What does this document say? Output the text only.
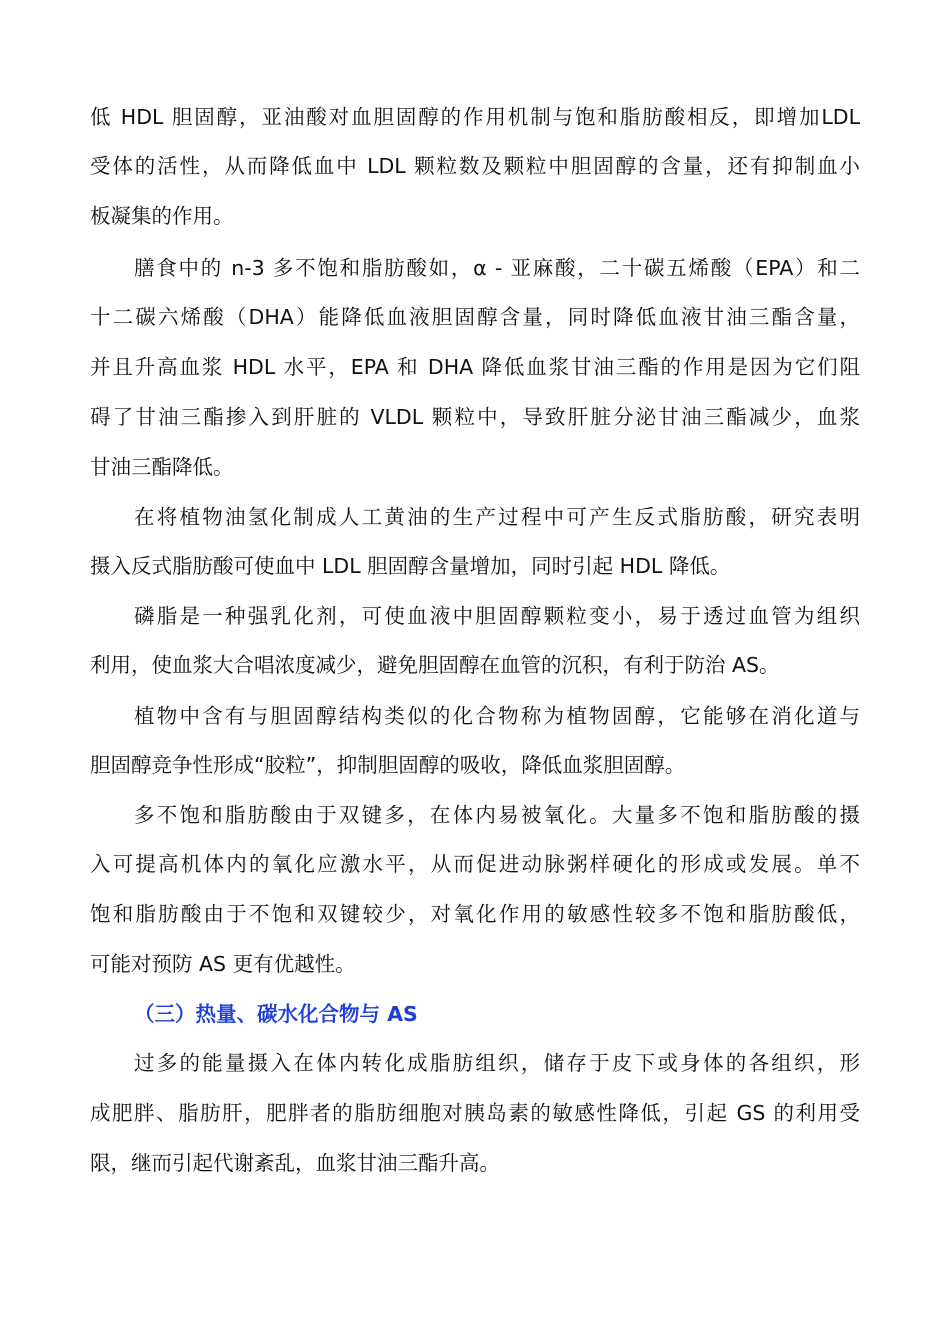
低 HDL 胆固醇，亚油酸对血胆固醇的作用机制与饱和脂肪酸相反，即增加LDL
受体的活性，从而降低血中 LDL 颗粒数及颗粒中胆固醇的含量，还有抑制血小
板凝集的作用。
膳食中的 n-3 多不饱和脂肪酸如，α - 亚麻酸，二十碳五烯酸（EPA）和二
十二碳六烯酸（DHA）能降低血液胆固醇含量，同时降低血液甘油三酯含量，
并且升高血浆 HDL 水平，EPA 和 DHA 降低血浆甘油三酯的作用是因为它们阻
碍了甘油三酯掺入到肝脏的 VLDL 颗粒中，导致肝脏分泌甘油三酯减少，血浆
甘油三酯降低。
在将植物油氢化制成人工黄油的生产过程中可产生反式脂肪酸，研究表明
摄入反式脂肪酸可使血中 LDL 胆固醇含量增加，同时引起 HDL 降低。
磷脂是一种强乳化剂，可使血液中胆固醇颗粒变小，易于透过血管为组织
利用，使血浆大合唱浓度减少，避免胆固醇在血管的沉积，有利于防治 AS。
植物中含有与胆固醇结构类似的化合物称为植物固醇，它能够在消化道与
胆固醇竞争性形成“胶粒”，抑制胆固醇的吸收，降低血浆胆固醇。
多不饱和脂肪酸由于双键多，在体内易被氧化。大量多不饱和脂肪酸的摄
入可提高机体内的氧化应激水平，从而促进动脉粥样硬化的形成或发展。单不
饱和脂肪酸由于不饱和双键较少，对氧化作用的敏感性较多不饱和脂肪酸低，
可能对预防 AS 更有优越性。
（三）热量、碳水化合物与 AS
过多的能量摄入在体内转化成脂肪组织，储存于皮下或身体的各组织，形
成肥胖、脂肪肝，肥胖者的脂肪细胞对胰岛素的敏感性降低，引起 GS 的利用受
限，继而引起代谢紊乱，血浆甘油三酯升高。
